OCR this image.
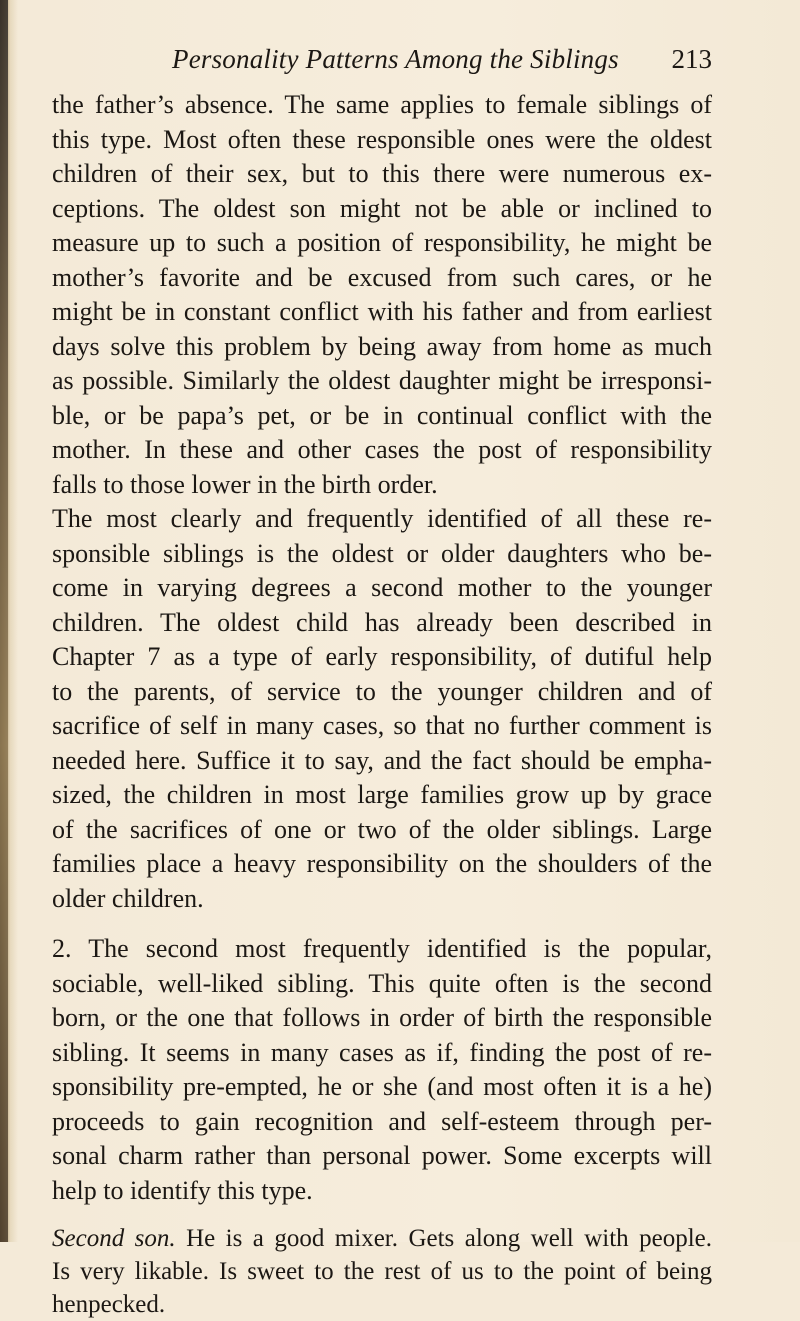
Personality Patterns Among the Siblings 213
the father’s absence. The same applies to female siblings of
this type. Most often these responsible ones were the oldest
children of their sex, but to this there were numerous ex-
ceptions. The oldest son might not be able or inclined to
measure up to such a position of responsibility, he might be
mother’s favorite and be excused from such cares, or he
might be in constant conflict with his father and from earliest
days solve this problem by being away from home as much
as possible. Similarly the oldest daughter might be irresponsi-
ble, or be papa’s pet, or be in continual conflict with the
mother. In these and other cases the post of responsibility
falls to those lower in the birth order.
The most clearly and frequently identified of all these re-
sponsible siblings is the oldest or older daughters who be-
come in varying degrees a second mother to the younger
children. The oldest child has already been described in
Chapter 7 as a type of early responsibility, of dutiful help
to the parents, of service to the younger children and of
sacrifice of self in many cases, so that no further comment is
needed here. Suffice it to say, and the fact should be empha-
sized, the children in most large families grow up by grace
of the sacrifices of one or two of the older siblings. Large
families place a heavy responsibility on the shoulders of the
older children.
2. The second most frequently identified is the popular,
sociable, well-liked sibling. This quite often is the second
born, or the one that follows in order of birth the responsible
sibling. It seems in many cases as if, finding the post of re-
sponsibility pre-empted, he or she (and most often it is a he)
proceeds to gain recognition and self-esteem through per-
sonal charm rather than personal power. Some excerpts will
help to identify this type.
Second son. He is a good mixer. Gets along well with people.
Is very likable. Is sweet to the rest of us to the point of being
henpecked.
